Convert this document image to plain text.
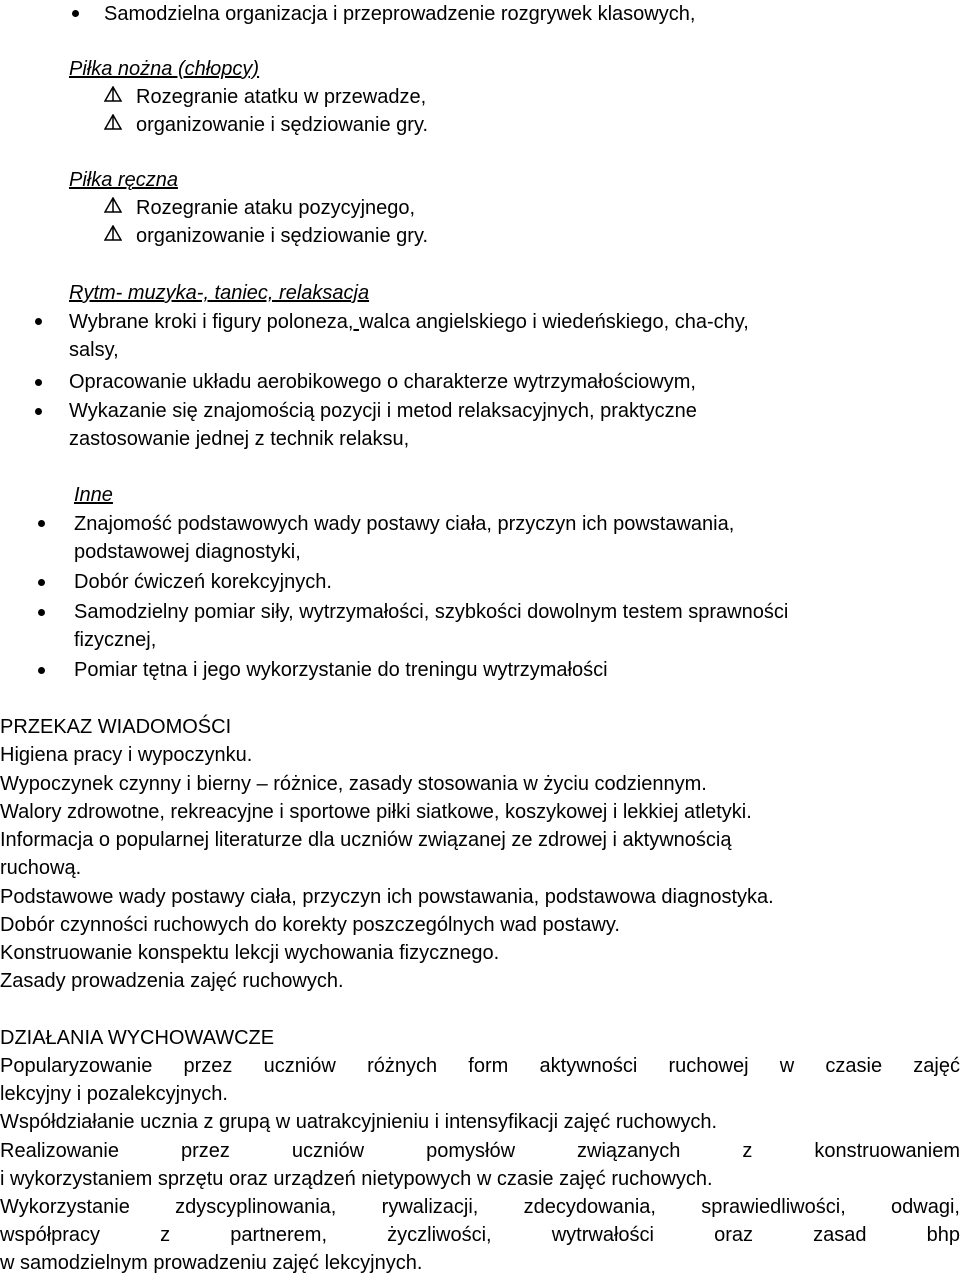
Samodzielna organizacja i przeprowadzenie rozgrywek klasowych,
Piłka nożna (chłopcy)
Rozegranie atatku w przewadze,
organizowanie i sędziowanie gry.
Piłka ręczna
Rozegranie ataku pozycyjnego,
organizowanie i sędziowanie gry.
Rytm- muzyka-, taniec, relaksacja
Wybrane kroki i figury poloneza, walca angielskiego i wiedeńskiego, cha-chy,
salsy,
Opracowanie układu aerobikowego o charakterze wytrzymałościowym,
Wykazanie się znajomością pozycji i metod relaksacyjnych, praktyczne
zastosowanie jednej z technik relaksu,
Inne
Znajomość podstawowych wady postawy ciała, przyczyn ich powstawania,
podstawowej diagnostyki,
Dobór ćwiczeń korekcyjnych.
Samodzielny pomiar siły, wytrzymałości, szybkości dowolnym testem sprawności
fizycznej,
Pomiar tętna i jego wykorzystanie do treningu wytrzymałości
PRZEKAZ WIADOMOŚCI
Higiena pracy i wypoczynku.
Wypoczynek czynny i bierny – różnice, zasady stosowania w życiu codziennym.
Walory zdrowotne, rekreacyjne i sportowe piłki siatkowe, koszykowej i lekkiej atletyki.
Informacja o popularnej literaturze dla uczniów związanej ze zdrowej i aktywnością
ruchową.
Podstawowe wady postawy ciała, przyczyn ich powstawania, podstawowa diagnostyka.
Dobór czynności ruchowych do korekty poszczególnych wad postawy.
Konstruowanie konspektu lekcji wychowania fizycznego.
Zasady prowadzenia zajęć ruchowych.
DZIAŁANIA WYCHOWAWCZE
Popularyzowanie przez uczniów różnych form aktywności ruchowej w czasie zajęć
lekcyjny i pozalekcyjnych.
Współdziałanie ucznia z grupą w uatrakcyjnieniu i intensyfikacji zajęć ruchowych.
Realizowanie przez uczniów pomysłów związanych z konstruowaniem
i wykorzystaniem sprzętu oraz urządzeń nietypowych w czasie zajęć ruchowych.
Wykorzystanie zdyscyplinowania, rywalizacji, zdecydowania, sprawiedliwości, odwagi,
współpracy z partnerem, życzliwości, wytrwałości oraz zasad bhp
w samodzielnym prowadzeniu zajęć lekcyjnych.
